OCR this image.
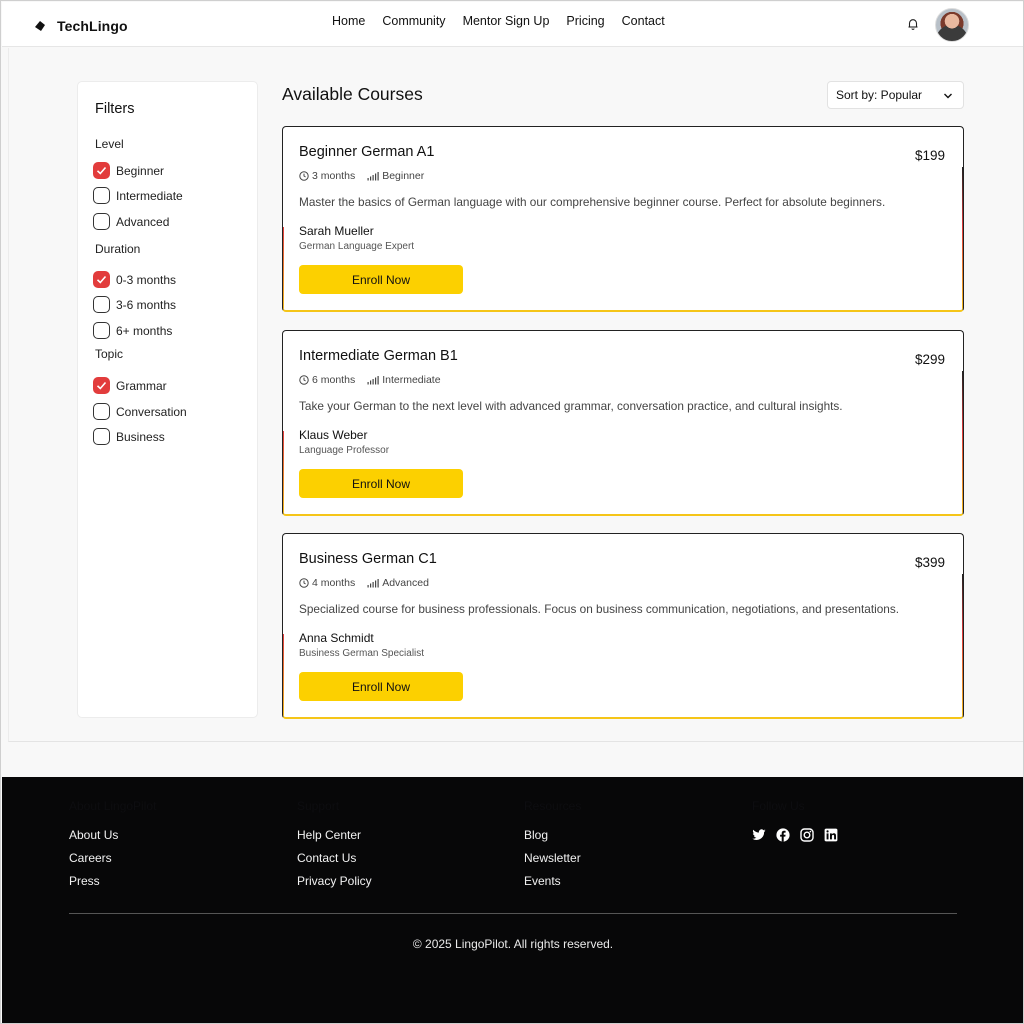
TechLingo	Home Community Mentor Sign Up Pricing Contact
Filters
Level
Beginner
Intermediate
Advanced
Duration
0-3 months
3-6 months
6+ months
Topic
Grammar
Conversation
Business
Available Courses	Sort by: Popular
Beginner German A1	$199
3 months	Beginner
Master the basics of German language with our comprehensive beginner course. Perfect for absolute beginners.
Sarah Mueller
German Language Expert
Enroll Now
Intermediate German B1	$299
6 months	Intermediate
Take your German to the next level with advanced grammar, conversation practice, and cultural insights.
Klaus Weber
Language Professor
Enroll Now
Business German C1	$399
4 months	Advanced
Specialized course for business professionals. Focus on business communication, negotiations, and presentations.
Anna Schmidt
Business German Specialist
Enroll Now
About LingoPilot
About Us
Careers
Press
Support
Help Center
Contact Us
Privacy Policy
Resources
Blog
Newsletter
Events
Follow Us
© 2025 LingoPilot. All rights reserved.
